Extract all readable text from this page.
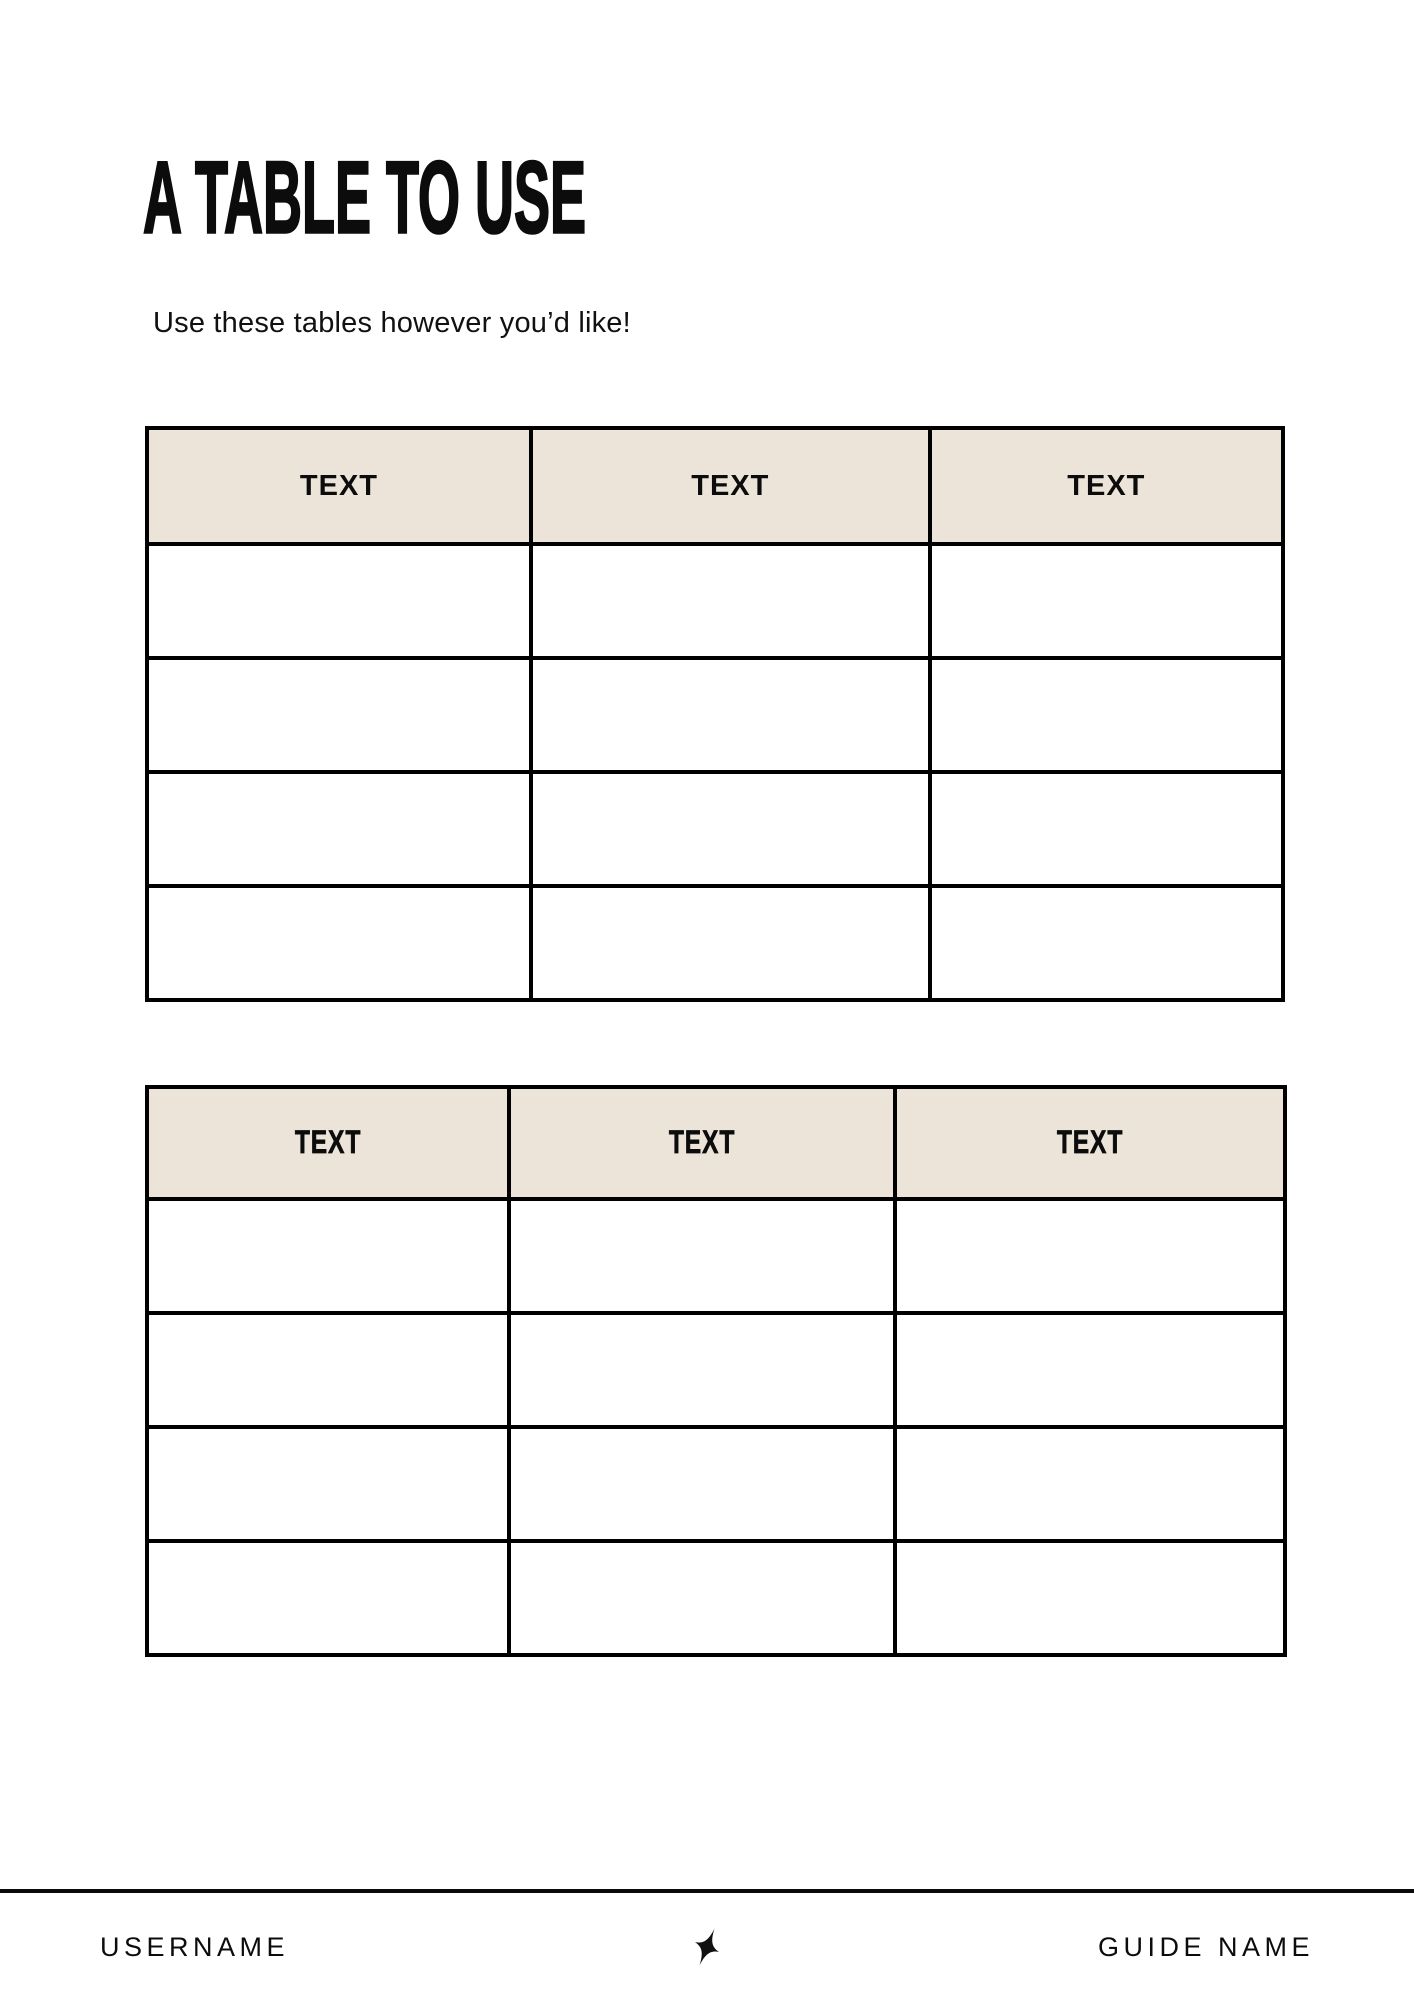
A TABLE TO USE
Use these tables however you’d like!
TEXT	TEXT	TEXT

TEXT	TEXT	TEXT

USERNAME	GUIDE NAME
